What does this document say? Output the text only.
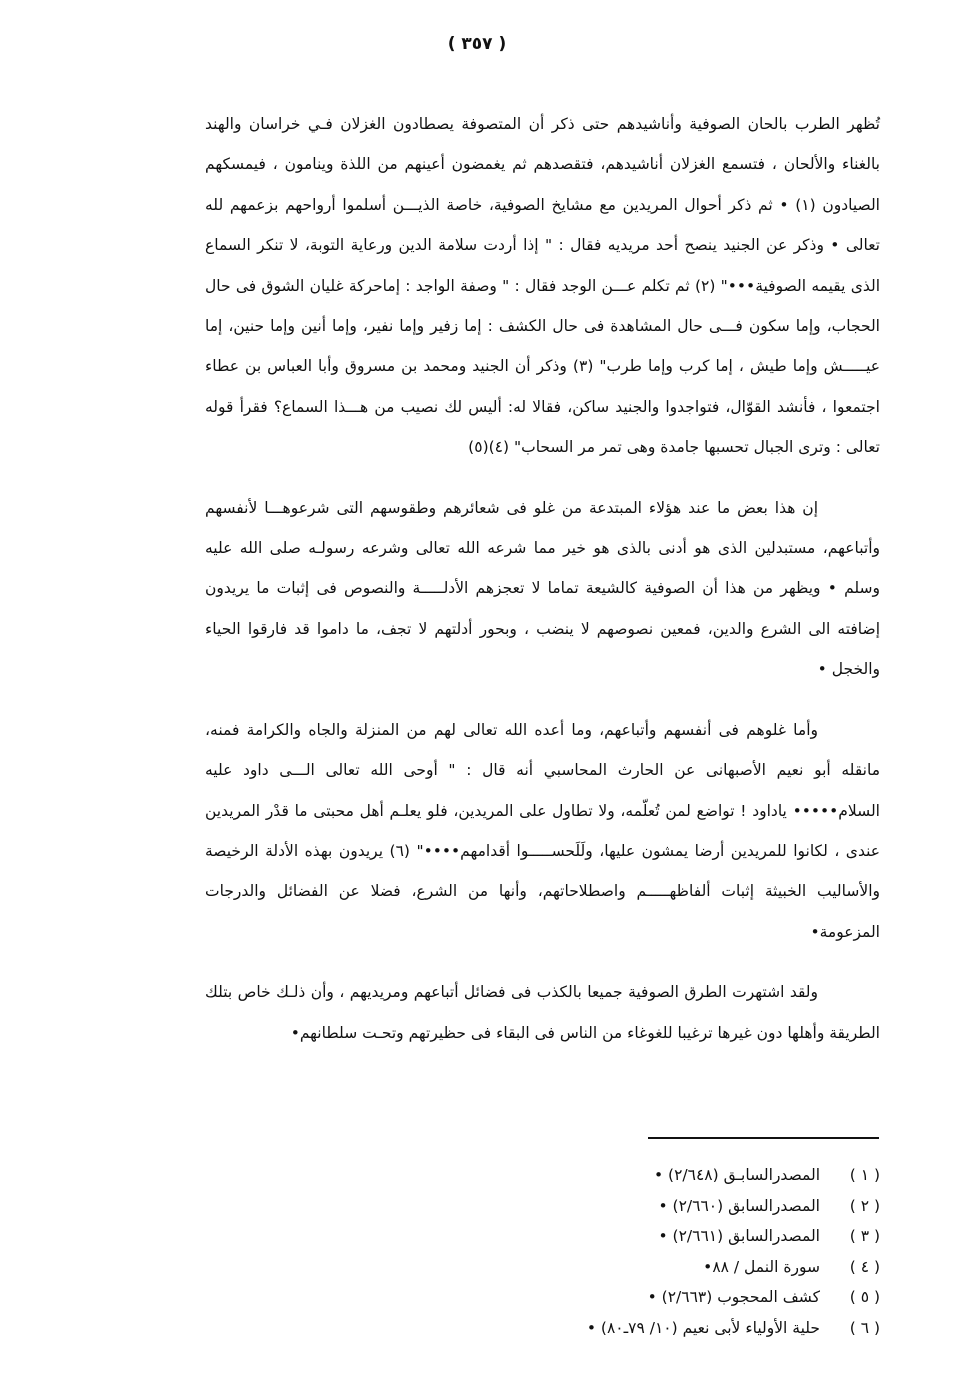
( ٣٥٧ )

تُظهر الطرب بالحان الصوفية وأناشيدهم حتى ذكر أن المتصوفة يصطادون الغزلان فـي خراسان والهند بالغناء والألحان ، فتسمع الغزلان أناشيدهم، فتقصدهم ثم يغمضون أعينهم من اللذة وينامون ، فيمسكهم الصيادون (١) • ثم ذكر أحوال المريدين مع مشايخ الصوفية، خاصة الذيـــن أسلموا أرواحهم بزعمهم لله تعالى • وذكر عن الجنيد ينصح أحد مريديه فقال : " إذا أردت سلامة الدين ورعاية التوبة، لا تنكر السماع الذى يقيمه الصوفية•••" (٢) ثم تكلم عـــن الوجد فقال : " وصفة الواجد : إماحركة غليان الشوق فى حال الحجاب، وإما سكون فـــى حال المشاهدة فى حال الكشف : إما زفير وإما نفير، وإما أنين وإما حنين، إما عيـــــش وإما طيش ، إما كرب وإما طرب" (٣) وذكر أن الجنيد ومحمد بن مسروق وأبا العباس بن عطاء اجتمعوا ، فأنشد القوّال، فتواجدوا والجنيد ساكن، فقالا له: أليس لك نصيب من هـــذا السماع؟ فقرأ قوله تعالى : وترى الجبال تحسبها جامدة وهى تمر مر السحاب" (٤)(٥)

إن هذا بعض ما عند هؤلاء المبتدعة من غلو فى شعائرهم وطقوسهم التى شرعوهـــا لأنفسهم وأتباعهم، مستبدلين الذى هو أدنى بالذى هو خير مما شرعه الله تعالى وشرعه رسولـه صلى الله عليه وسلم • ويظهر من هذا أن الصوفية كالشيعة تماما لا تعجزهم الأدلـــــة والنصوص فى إثبات ما يريدون إضافته الى الشرع والدين، فمعين نصوصهم لا ينضب ، وبحور أدلتهم لا تجف، ما داموا قد فارقوا الحياء والخجل •

وأما غلوهم فى أنفسهم وأتباعهم، وما أعده الله تعالى لهم من المنزلة والجاه والكرامة فمنه، مانقله أبو نعيم الأصبهانى عن الحارث المحاسبي أنه قال : " أوحى الله تعالى الـــى داود عليه السلام••••• ياداود ! تواضع لمن تُعلّمه، ولا تطاول على المريدين، فلو يعلـم أهل محبتى ما قدْر المريدين عندى ، لكانوا للمريدين أرضا يمشون عليها، ولَلَحســـــوا أقدامهم••••" (٦) يريدون بهذه الأدلة الرخيصة والأساليب الخبيثة إثبات ألفاظهـــــم واصطلاحاتهم، وأنها من الشرع، فضلا عن الفضائل والدرجات المزعومة•

ولقد اشتهرت الطرق الصوفية جميعا بالكذب فى فضائل أتباعهم ومريديهم ، وأن ذلـك خاص بتلك الطريقة وأهلها دون غيرها ترغيبا للغوغاء من الناس فى البقاء فى حظيرتهم وتحـت سلطانهم•

( ١ )
المصدرالسابـق (٢/٦٤٨) •
( ٢ )
المصدرالسابق (٢/٦٦٠) •
( ٣ )
المصدرالسابق (٢/٦٦١) •
( ٤ )
سورة النمل / ٨٨•
( ٥ )
كشف المحجوب (٢/٦٦٣) •
( ٦ )
حلية الأولياء لأبى نعيم (١٠/ ٧٩ـ٨٠) •
